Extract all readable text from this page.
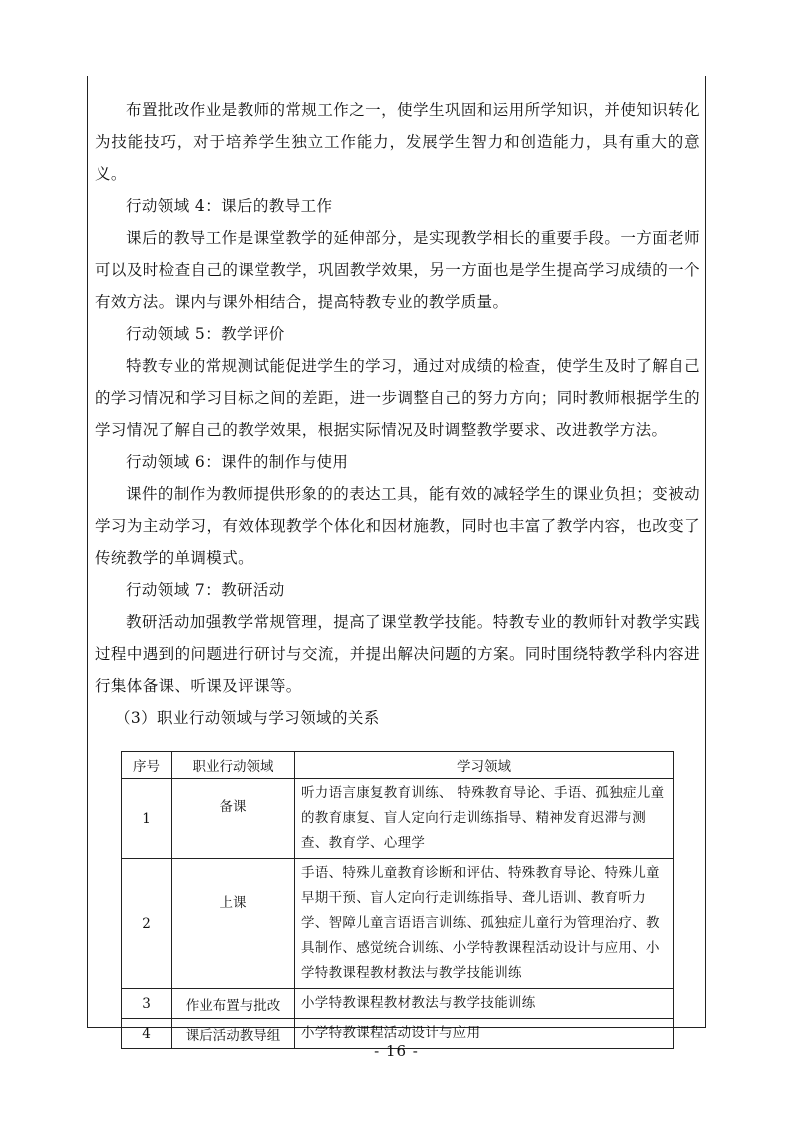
布置批改作业是教师的常规工作之一，使学生巩固和运用所学知识，并使知识转化为技能技巧，对于培养学生独立工作能力，发展学生智力和创造能力，具有重大的意义。

行动领域 4：课后的教导工作

课后的教导工作是课堂教学的延伸部分，是实现教学相长的重要手段。一方面老师可以及时检查自己的课堂教学，巩固教学效果，另一方面也是学生提高学习成绩的一个有效方法。课内与课外相结合，提高特教专业的教学质量。

行动领域 5：教学评价

特教专业的常规测试能促进学生的学习，通过对成绩的检查，使学生及时了解自己的学习情况和学习目标之间的差距，进一步调整自己的努力方向；同时教师根据学生的学习情况了解自己的教学效果，根据实际情况及时调整教学要求、改进教学方法。

行动领域 6：课件的制作与使用

课件的制作为教师提供形象的的表达工具，能有效的减轻学生的课业负担；变被动学习为主动学习，有效体现教学个体化和因材施教，同时也丰富了教学内容，也改变了传统教学的单调模式。

行动领域 7：教研活动

教研活动加强教学常规管理，提高了课堂教学技能。特教专业的教师针对教学实践过程中遇到的问题进行研讨与交流，并提出解决问题的方案。同时围绕特教学科内容进行集体备课、听课及评课等。

（3）职业行动领域与学习领域的关系

序号	职业行动领域	学习领域
1	备课	听力语言康复教育训练、 特殊教育导论、手语、孤独症儿童的教育康复、盲人定向行走训练指导、精神发育迟滞与测查、教育学、心理学
2	上课	手语、特殊儿童教育诊断和评估、特殊教育导论、特殊儿童早期干预、盲人定向行走训练指导、聋儿语训、教育听力学、智障儿童言语语言训练、孤独症儿童行为管理治疗、教具制作、感觉统合训练、小学特教课程活动设计与应用、小学特教课程教材教法与教学技能训练
3	作业布置与批改	小学特教课程教材教法与教学技能训练
4	课后活动教导组	小学特教课程活动设计与应用
- 16 -
